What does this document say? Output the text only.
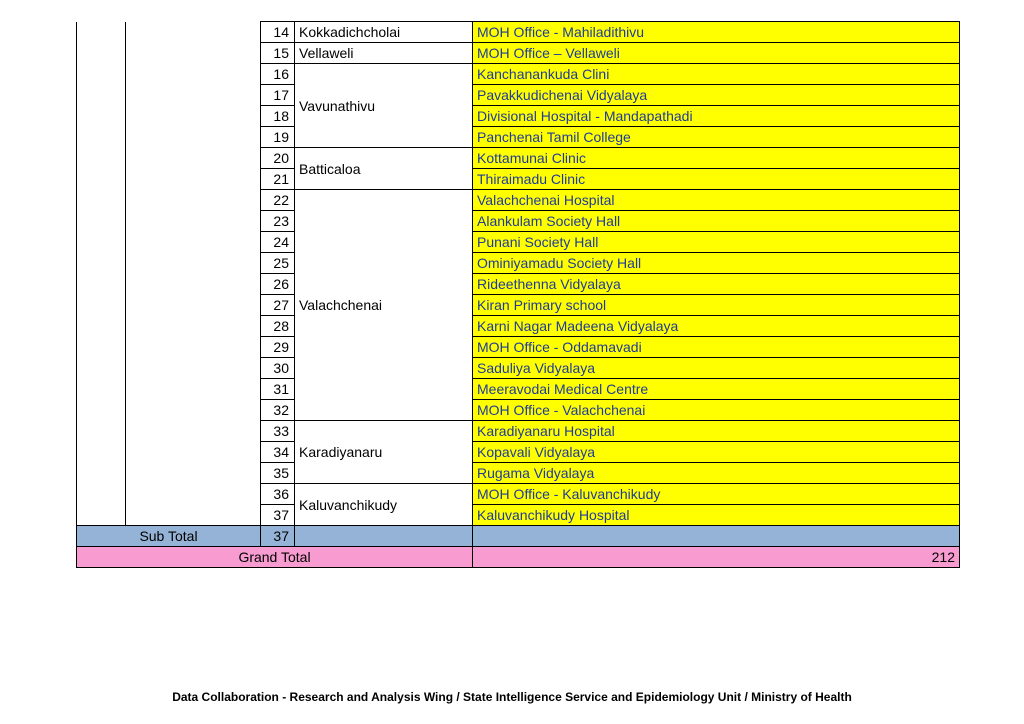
		14	Kokkadichcholai	MOH Office - Mahiladithivu
		15	Vellaweli	MOH Office – Vellaweli
		16	Vavunathivu	Kanchanankuda Clini
		17		Pavakkudichenai Vidyalaya
		18		Divisional Hospital - Mandapathadi
		19		Panchenai Tamil College
		20	Batticaloa	Kottamunai Clinic
		21		Thiraimadu Clinic
		22	Valachchenai	Valachchenai Hospital
		23		Alankulam Society Hall
		24		Punani Society Hall
		25		Ominiyamadu Society Hall
		26		Rideethenna Vidyalaya
		27		Kiran Primary school
		28		Karni Nagar Madeena Vidyalaya
		29		MOH Office - Oddamavadi
		30		Saduliya Vidyalaya
		31		Meeravodai Medical Centre
		32		MOH Office - Valachchenai
		33	Karadiyanaru	Karadiyanaru Hospital
		34		Kopavali Vidyalaya
		35		Rugama Vidyalaya
		36	Kaluvanchikudy	MOH Office - Kaluvanchikudy
		37		Kaluvanchikudy Hospital
Sub Total		37		
Grand Total				212
Data Collaboration - Research and Analysis Wing / State Intelligence Service and Epidemiology Unit / Ministry of Health
